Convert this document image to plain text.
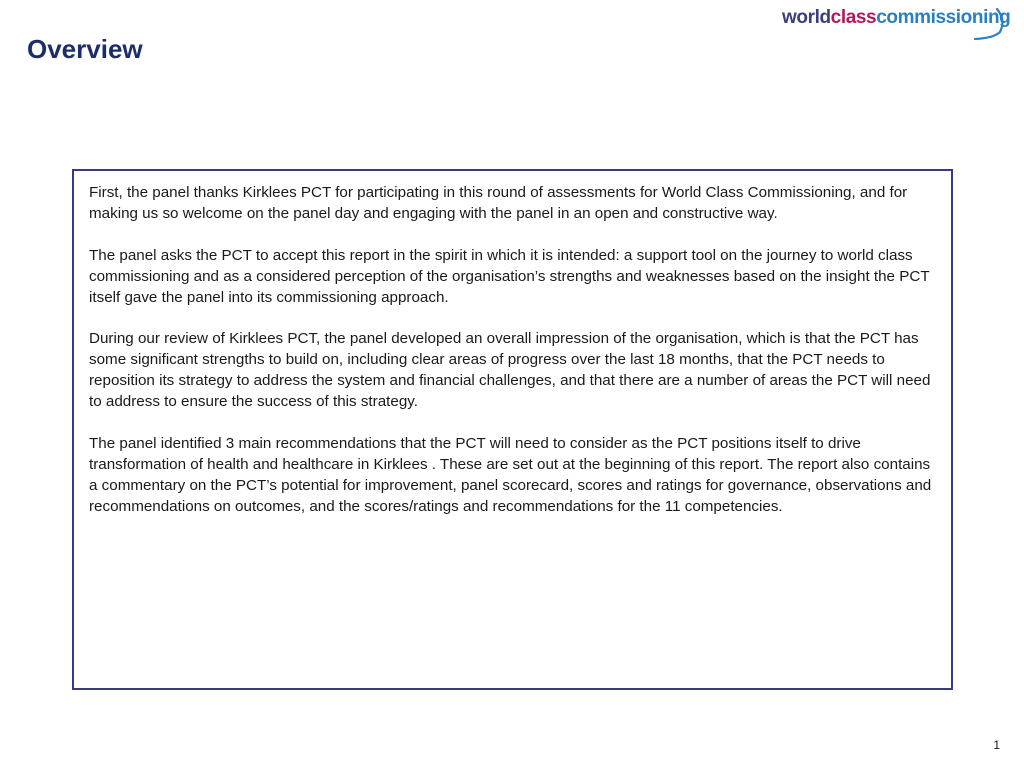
Overview
worldclasscommissioning

First, the panel thanks Kirklees PCT for participating in this round of assessments for World Class Commissioning, and for making us so welcome on the panel day and engaging with the panel in an open and constructive way.

The panel asks the PCT to accept this report in the spirit in which it is intended: a support tool on the journey to world class commissioning and as a considered perception of the organisation’s strengths and weaknesses based on the insight the PCT itself gave the panel into its commissioning approach.

During our review of Kirklees PCT, the panel developed an overall impression of the organisation, which is that the PCT has some significant strengths to build on, including clear areas of progress over the last 18 months, that the PCT needs to reposition its strategy to address the system and financial challenges, and that there are a number of areas the PCT will need to address to ensure the success of this strategy.

The panel identified 3 main recommendations that the PCT will need to consider as the PCT positions itself to drive transformation of health and healthcare in Kirklees . These are set out at the beginning of this report. The report also contains a commentary on the PCT’s potential for improvement, panel scorecard, scores and ratings for governance, observations and recommendations on outcomes, and the scores/ratings and recommendations for the 11 competencies.

1
